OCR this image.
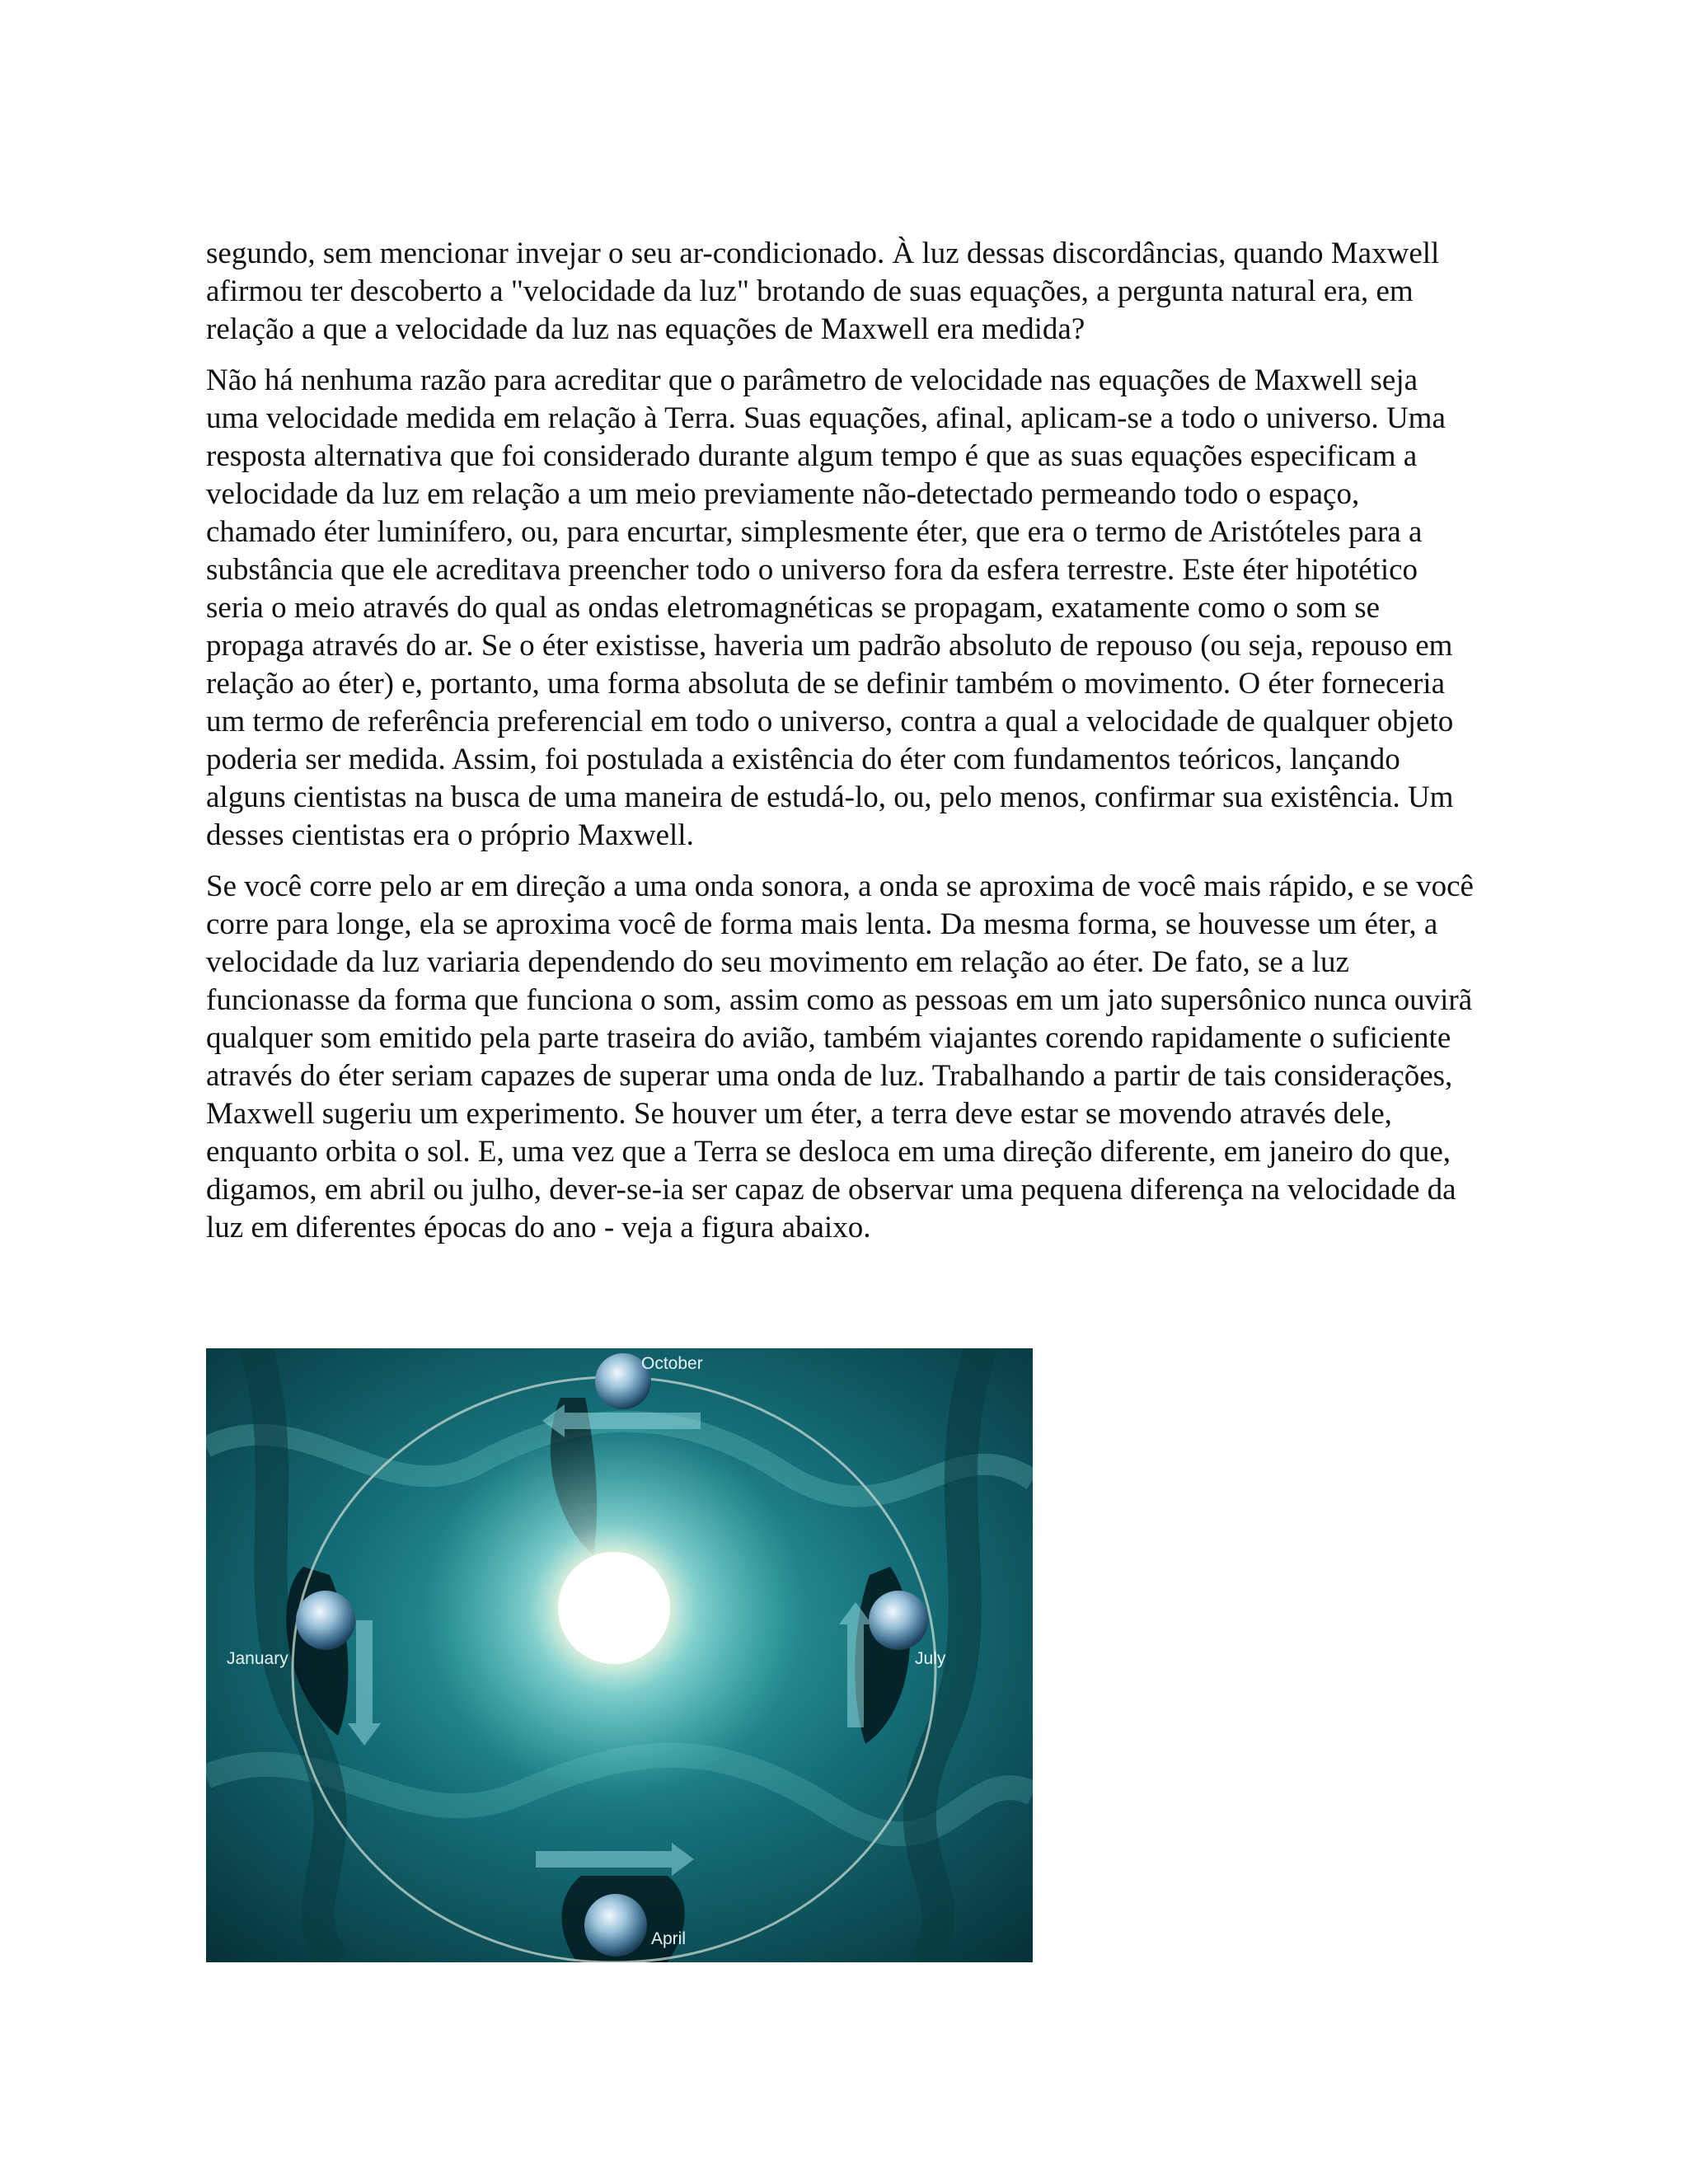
segundo, sem mencionar invejar o seu ar-condicionado. À luz dessas discordâncias, quando Maxwell afirmou ter descoberto a "velocidade da luz" brotando de suas equações, a pergunta natural era, em relação a que a velocidade da luz nas equações de Maxwell era medida?

Não há nenhuma razão para acreditar que o parâmetro de velocidade nas equações de Maxwell seja uma velocidade medida em relação à Terra. Suas equações, afinal, aplicam-se a todo o universo. Uma resposta alternativa que foi considerado durante algum tempo é que as suas equações especificam a velocidade da luz em relação a um meio previamente não-detectado permeando todo o espaço, chamado éter luminífero, ou, para encurtar, simplesmente éter, que era o termo de Aristóteles para a substância que ele acreditava preencher todo o universo fora da esfera terrestre. Este éter hipotético seria o meio através do qual as ondas eletromagnéticas se propagam, exatamente como o som se propaga através do ar. Se o éter existisse, haveria um padrão absoluto de repouso (ou seja, repouso em relação ao éter) e, portanto, uma forma absoluta de se definir também o movimento. O éter forneceria um termo de referência preferencial em todo o universo, contra a qual a velocidade de qualquer objeto poderia ser medida. Assim, foi postulada a existência do éter com fundamentos teóricos, lançando alguns cientistas na busca de uma maneira de estudá-lo, ou, pelo menos, confirmar sua existência. Um desses cientistas era o próprio Maxwell.

Se você corre pelo ar em direção a uma onda sonora, a onda se aproxima de você mais rápido, e se você corre para longe, ela se aproxima você de forma mais lenta. Da mesma forma, se houvesse um éter, a velocidade da luz variaria dependendo do seu movimento em relação ao éter. De fato, se a luz funcionasse da forma que funciona o som, assim como as pessoas em um jato supersônico nunca ouvirã qualquer som emitido pela parte traseira do avião, também viajantes corendo rapidamente o suficiente através do éter seriam capazes de superar uma onda de luz. Trabalhando a partir de tais considerações, Maxwell sugeriu um experimento. Se houver um éter, a terra deve estar se movendo através dele, enquanto orbita o sol. E, uma vez que a Terra se desloca em uma direção diferente, em janeiro do que, digamos, em abril ou julho, dever-se-ia ser capaz de observar uma pequena diferença na velocidade da luz em diferentes épocas do ano - veja a figura abaixo.

October
January	July
April
